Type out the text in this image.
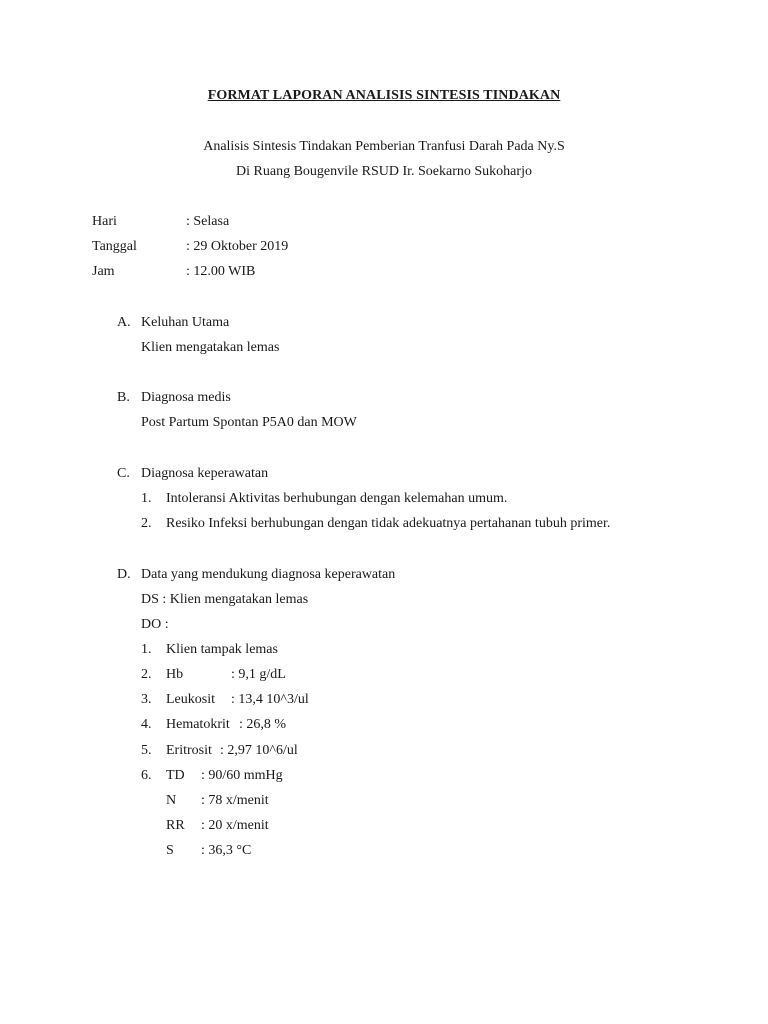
FORMAT LAPORAN ANALISIS SINTESIS TINDAKAN
Analisis Sintesis Tindakan Pemberian Tranfusi Darah Pada Ny.S
Di Ruang Bougenvile RSUD Ir. Soekarno Sukoharjo
Hari	: Selasa
Tanggal	: 29 Oktober 2019
Jam	: 12.00 WIB
A. Keluhan Utama
Klien mengatakan lemas
B. Diagnosa medis
Post Partum Spontan P5A0 dan MOW
C. Diagnosa keperawatan
1. Intoleransi Aktivitas berhubungan dengan kelemahan umum.
2. Resiko Infeksi berhubungan dengan tidak adekuatnya pertahanan tubuh primer.
D. Data yang mendukung diagnosa keperawatan
DS : Klien mengatakan lemas
DO :
1. Klien tampak lemas
2. Hb	: 9,1 g/dL
3. Leukosit : 13,4 10^3/ul
4. Hematokrit : 26,8 %
5. Eritrosit : 2,97 10^6/ul
6. TD : 90/60 mmHg
N : 78 x/menit
RR : 20 x/menit
S : 36,3 °C
